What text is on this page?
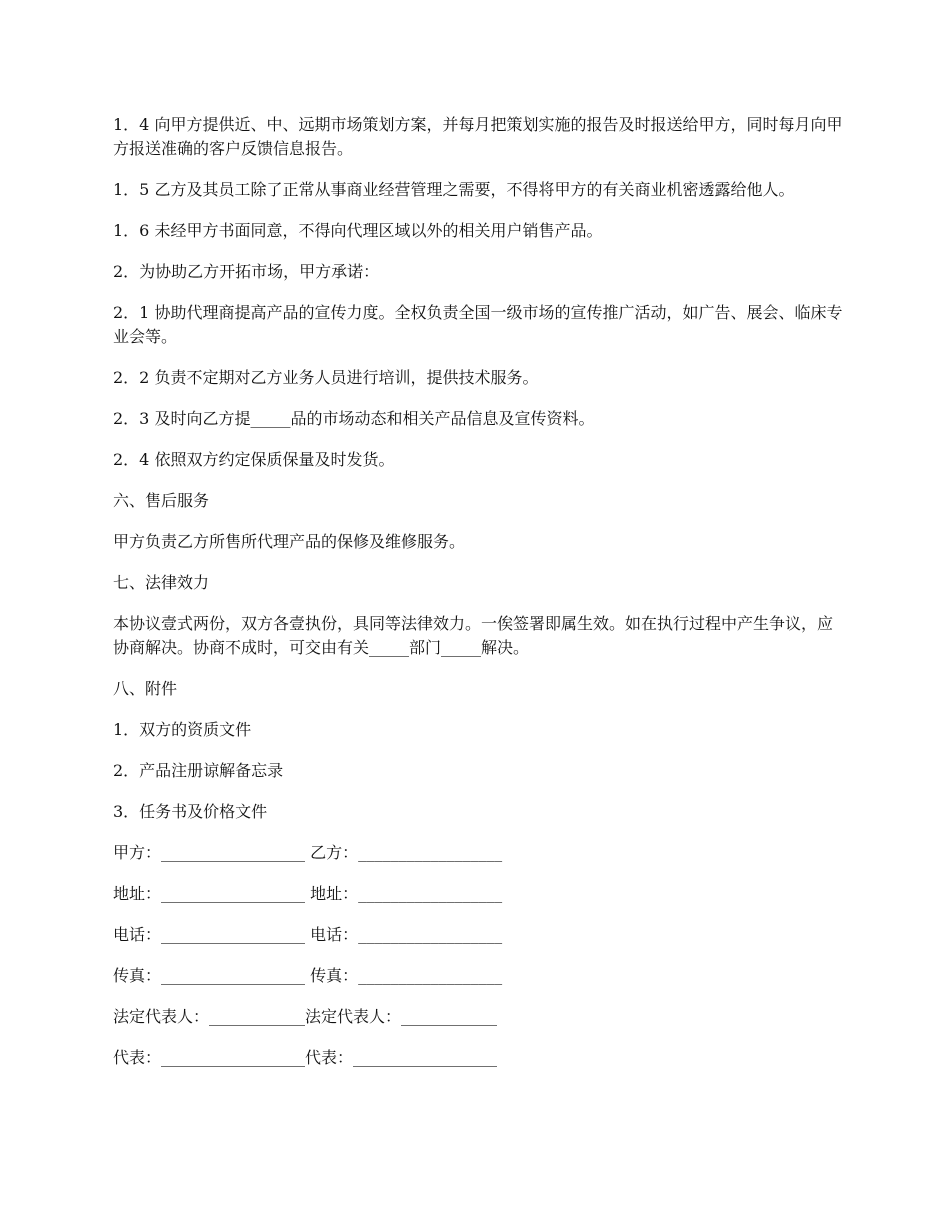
1．4 向甲方提供近、中、远期市场策划方案，并每月把策划实施的报告及时报送给甲方，同时每月向甲方报送准确的客户反馈信息报告。

1．5 乙方及其员工除了正常从事商业经营管理之需要，不得将甲方的有关商业机密透露给他人。

1．6 未经甲方书面同意，不得向代理区域以外的相关用户销售产品。

2．为协助乙方开拓市场，甲方承诺：

2．1 协助代理商提高产品的宣传力度。全权负责全国一级市场的宣传推广活动，如广告、展会、临床专业会等。

2．2 负责不定期对乙方业务人员进行培训，提供技术服务。

2．3 及时向乙方提_____品的市场动态和相关产品信息及宣传资料。

2．4 依照双方约定保质保量及时发货。

六、售后服务

甲方负责乙方所售所代理产品的保修及维修服务。

七、法律效力

本协议壹式两份，双方各壹执份，具同等法律效力。一俟签署即属生效。如在执行过程中产生争议，应协商解决。协商不成时，可交由有关_____部门_____解决。

八、附件

1．双方的资质文件

2．产品注册谅解备忘录

3．任务书及价格文件

甲方：__________________ 乙方：__________________

地址：__________________ 地址：__________________

电话：__________________ 电话：__________________

传真：__________________ 传真：__________________

法定代表人：____________法定代表人：____________

代表：__________________代表：__________________
